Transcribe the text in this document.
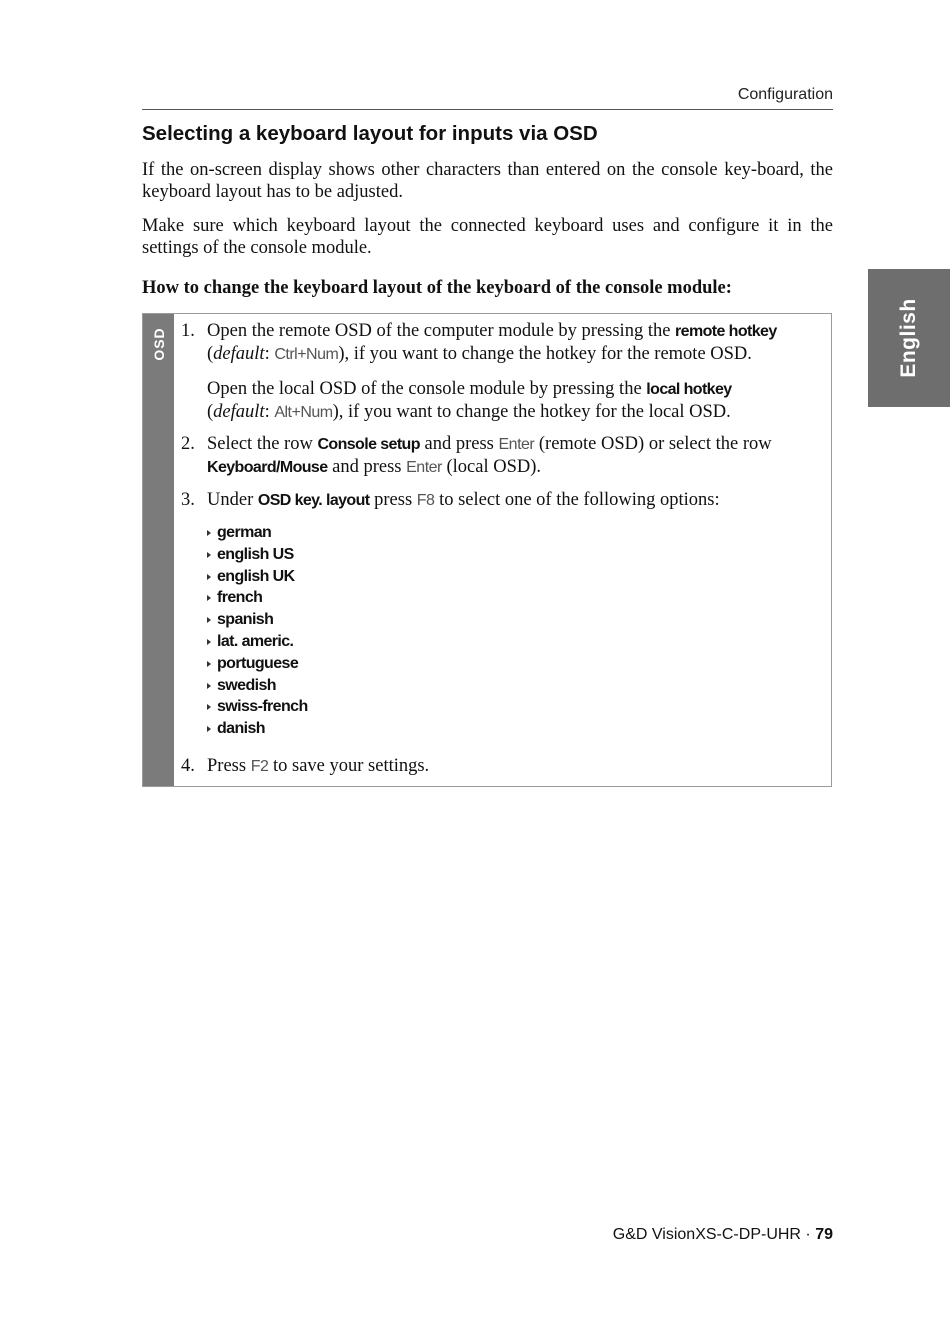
Configuration
English
Selecting a keyboard layout for inputs via OSD

If the on-screen display shows other characters than entered on the console key-board, the keyboard layout has to be adjusted.

Make sure which keyboard layout the connected keyboard uses and configure it in the settings of the console module.

How to change the keyboard layout of the keyboard of the console module:

OSD 1. Open the remote OSD of the computer module by pressing the remote hotkey
(default: Ctrl+Num), if you want to change the hotkey for the remote OSD.
Open the local OSD of the console module by pressing the local hotkey
(default: Alt+Num), if you want to change the hotkey for the local OSD.
2. Select the row Console setup and press Enter (remote OSD) or select the row
Keyboard/Mouse and press Enter (local OSD).
3. Under OSD key. layout press F8 to select one of the following options:
german
english US
english UK
french
spanish
lat. americ.
portuguese
swedish
swiss-french
danish
4. Press F2 to save your settings.
G&D VisionXS-C-DP-UHR · 79
